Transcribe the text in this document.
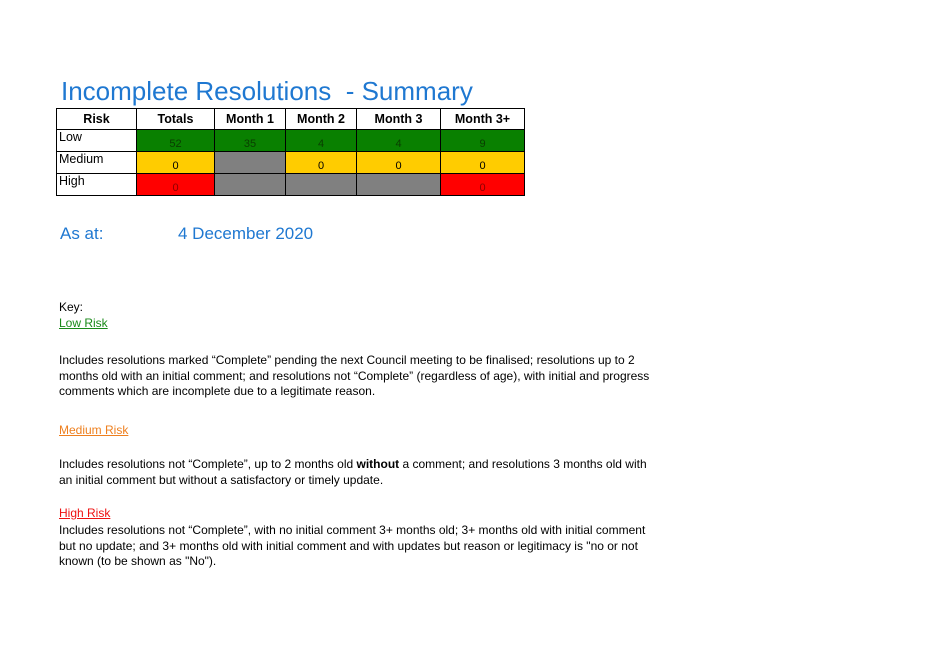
Incomplete Resolutions  - Summary
Risk	Totals	Month 1	Month 2	Month 3	Month 3+
Low	52	35	4	4	9
Medium	0		0	0	0
High	0				0
As at:	4 December 2020
Key:
Low Risk
Includes resolutions marked “Complete” pending the next Council meeting to be finalised; resolutions up to 2 months old with an initial comment; and resolutions not “Complete” (regardless of age), with initial and progress comments which are incomplete due to a legitimate reason.
Medium Risk
Includes resolutions not “Complete”, up to 2 months old without a comment; and resolutions 3 months old with an initial comment but without a satisfactory or timely update.
High Risk
Includes resolutions not “Complete”, with no initial comment 3+ months old; 3+ months old with initial comment but no update; and 3+ months old with initial comment and with updates but reason or legitimacy is "no or not known (to be shown as "No").
